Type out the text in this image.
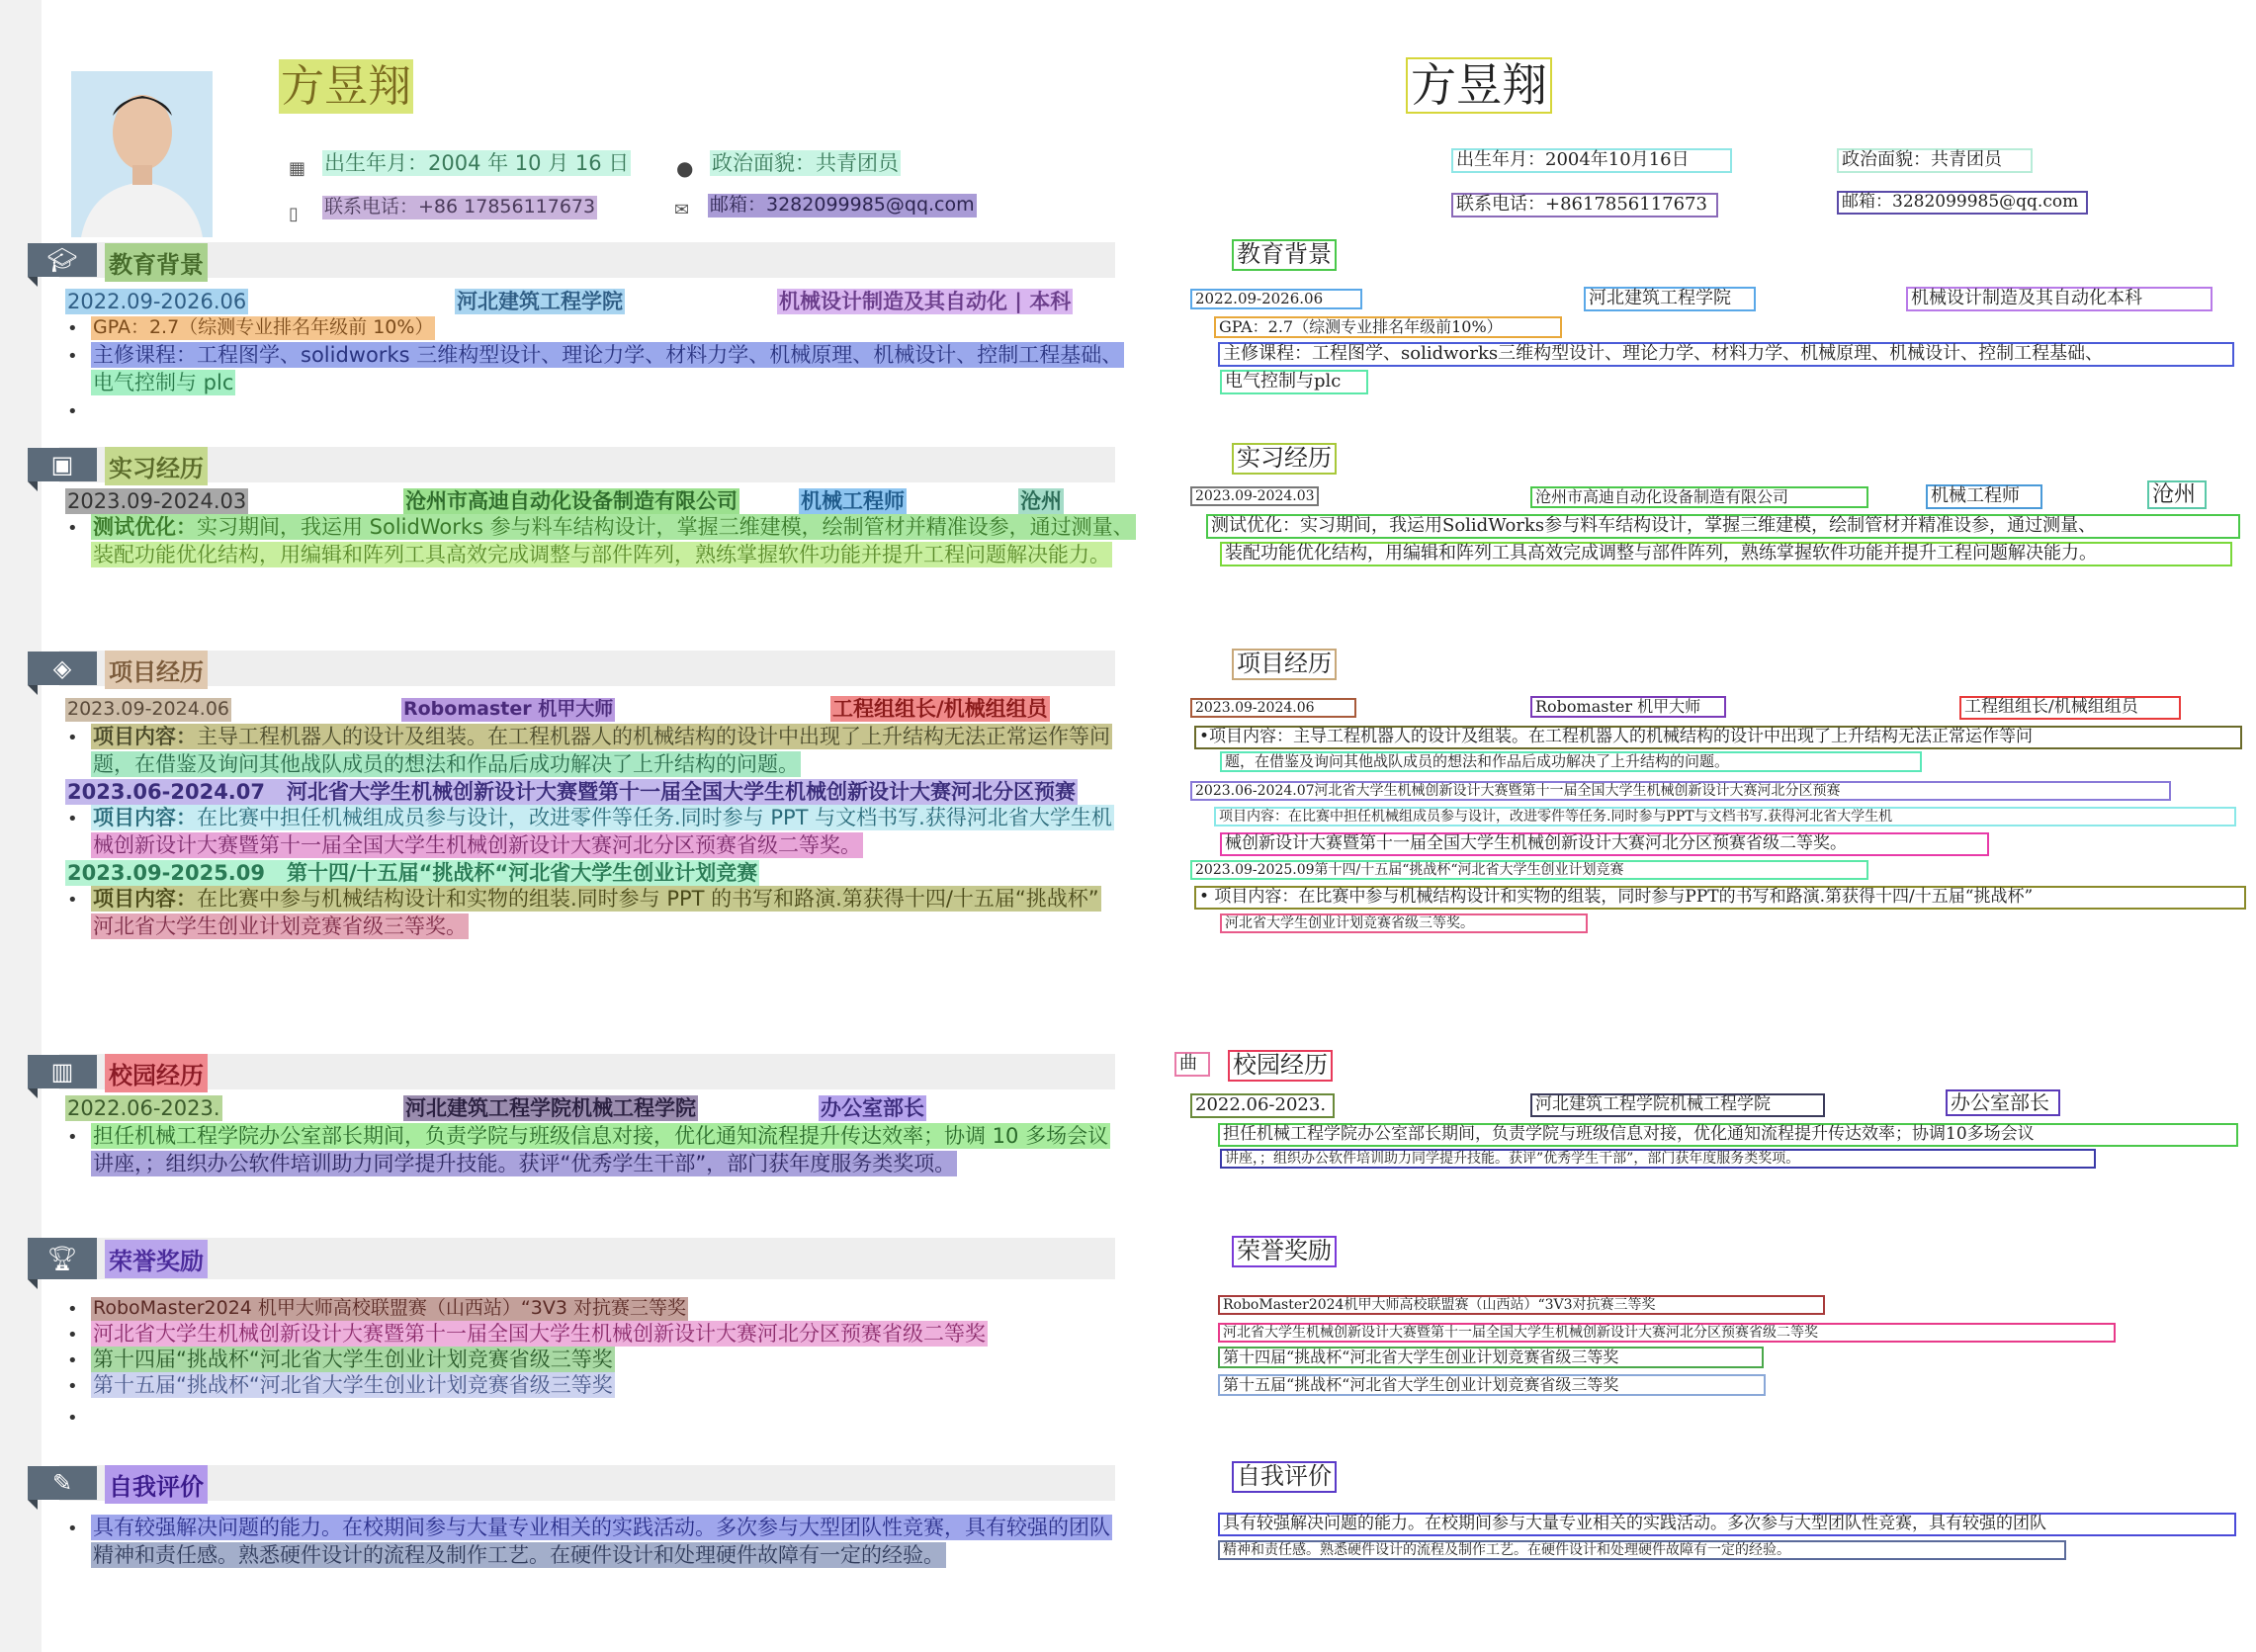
方昱翔
▦ 出生年月：2004 年 10 月 16 日 ● 政治面貌：共青团员
▯ 联系电话：+86 17856117673	✉ 邮箱：3282099985@qq.com
🎓︎	教育背景
2022.09-2026.06	河北建筑工程学院	机械设计制造及其自动化 | 本科
• GPA：2.7（综测专业排名年级前 10%）
• 主修课程：工程图学、solidworks 三维构型设计、理论力学、材料力学、机械原理、机械设计、控制工程基础、
电气控制与 plc
•
▣	实习经历
2023.09-2024.03	沧州市高迪自动化设备制造有限公司	机械工程师	沧州
• 测试优化：实习期间，我运用 SolidWorks 参与料车结构设计，掌握三维建模，绘制管材并精准设参，通过测量、
装配功能优化结构，用编辑和阵列工具高效完成调整与部件阵列，熟练掌握软件功能并提升工程问题解决能力。
◈	项目经历
2023.09-2024.06	Robomaster 机甲大师	工程组组长/机械组组员
• 项目内容：主导工程机器人的设计及组装。在工程机器人的机械结构的设计中出现了上升结构无法正常运作等问
题，在借鉴及询问其他战队成员的想法和作品后成功解决了上升结构的问题。
2023.06-2024.07 河北省大学生机械创新设计大赛暨第十一届全国大学生机械创新设计大赛河北分区预赛
• 项目内容：在比赛中担任机械组成员参与设计，改进零件等任务.同时参与 PPT 与文档书写.获得河北省大学生机
械创新设计大赛暨第十一届全国大学生机械创新设计大赛河北分区预赛省级二等奖。
2023.09-2025.09 第十四/十五届“挑战杯“河北省大学生创业计划竞赛
• 项目内容：在比赛中参与机械结构设计和实物的组装.同时参与 PPT 的书写和路演.第获得十四/十五届“挑战杯”
河北省大学生创业计划竞赛省级三等奖。
▥	校园经历
2022.06-2023.	河北建筑工程学院机械工程学院	办公室部长
• 担任机械工程学院办公室部长期间，负责学院与班级信息对接，优化通知流程提升传达效率；协调 10 多场会议
讲座，；组织办公软件培训助力同学提升技能。获评“优秀学生干部”，部门获年度服务类奖项。
🏆︎	荣誉奖励
• RoboMaster2024 机甲大师高校联盟赛（山西站）“3V3 对抗赛三等奖
• 河北省大学生机械创新设计大赛暨第十一届全国大学生机械创新设计大赛河北分区预赛省级二等奖
• 第十四届“挑战杯“河北省大学生创业计划竞赛省级三等奖
• 第十五届“挑战杯“河北省大学生创业计划竞赛省级三等奖
•
✎	自我评价
• 具有较强解决问题的能力。在校期间参与大量专业相关的实践活动。多次参与大型团队性竞赛，具有较强的团队
精神和责任感。熟悉硬件设计的流程及制作工艺。在硬件设计和处理硬件故障有一定的经验。
方昱翔
出生年月：2004年10月16日	政治面貌：共青团员
联系电话：+8617856117673	邮箱：3282099985@qq.com
教育背景
2022.09-2026.06	河北建筑工程学院	机械设计制造及其自动化本科
GPA：2.7（综测专业排名年级前10%）
主修课程：工程图学、solidworks三维构型设计、理论力学、材料力学、机械原理、机械设计、控制工程基础、
电气控制与plc
实习经历
2023.09-2024.03	沧州市高迪自动化设备制造有限公司	机械工程师	沧州
测试优化：实习期间，我运用SolidWorks参与料车结构设计，掌握三维建模，绘制管材并精准设参，通过测量、
装配功能优化结构，用编辑和阵列工具高效完成调整与部件阵列，熟练掌握软件功能并提升工程问题解决能力。
项目经历
2023.09-2024.06	Robomaster 机甲大师	工程组组长/机械组组员
•项目内容：主导工程机器人的设计及组装。在工程机器人的机械结构的设计中出现了上升结构无法正常运作等问
题，在借鉴及询问其他战队成员的想法和作品后成功解决了上升结构的问题。
2023.06-2024.07河北省大学生机械创新设计大赛暨第十一届全国大学生机械创新设计大赛河北分区预赛
项目内容：在比赛中担任机械组成员参与设计，改进零件等任务.同时参与PPT与文档书写.获得河北省大学生机
械创新设计大赛暨第十一届全国大学生机械创新设计大赛河北分区预赛省级二等奖。
2023.09-2025.09第十四/十五届“挑战杯“河北省大学生创业计划竞赛
• 项目内容：在比赛中参与机械结构设计和实物的组装，同时参与PPT的书写和路演.第获得十四/十五届“挑战杯”
河北省大学生创业计划竞赛省级三等奖。
曲	校园经历
2022.06-2023.	河北建筑工程学院机械工程学院	办公室部长
担任机械工程学院办公室部长期间，负责学院与班级信息对接，优化通知流程提升传达效率；协调10多场会议
讲座，；组织办公软件培训助力同学提升技能。获评”优秀学生干部”，部门获年度服务类奖项。
荣誉奖励
RoboMaster2024机甲大师高校联盟赛（山西站）“3V3对抗赛三等奖
河北省大学生机械创新设计大赛暨第十一届全国大学生机械创新设计大赛河北分区预赛省级二等奖
第十四届“挑战杯“河北省大学生创业计划竞赛省级三等奖
第十五届“挑战杯“河北省大学生创业计划竞赛省级三等奖
自我评价
具有较强解决问题的能力。在校期间参与大量专业相关的实践活动。多次参与大型团队性竞赛，具有较强的团队
精神和责任感。熟悉硬件设计的流程及制作工艺。在硬件设计和处理硬件故障有一定的经验。
